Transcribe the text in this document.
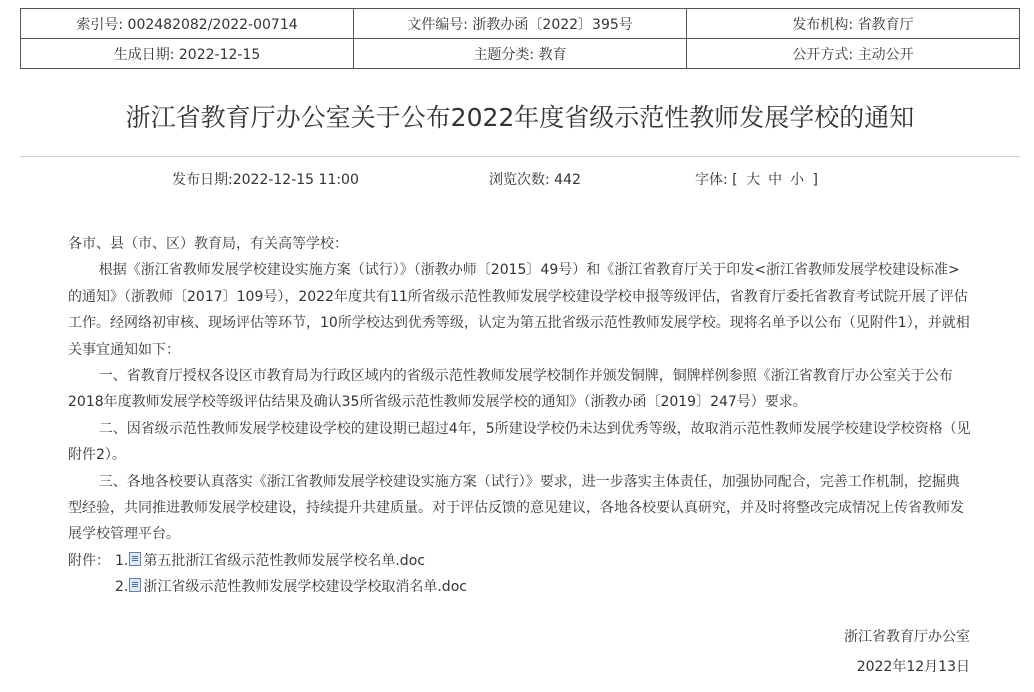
索引号: 002482082/2022-00714	文件编号: 浙教办函〔2022〕395号	发布机构: 省教育厅
生成日期: 2022-12-15	主题分类: 教育	公开方式: 主动公开
浙江省教育厅办公室关于公布2022年度省级示范性教师发展学校的通知
发布日期:2022-12-15 11:00	浏览次数: 442	字体: [ 大 中 小 ]

各市、县（市、区）教育局，有关高等学校：

根据《浙江省教师发展学校建设实施方案（试行）》（浙教办师〔2015〕49号）和《浙江省教育厅关于印发<浙江省教师发展学校建设标准>的通知》（浙教师〔2017〕109号），2022年度共有11所省级示范性教师发展学校建设学校申报等级评估，省教育厅委托省教育考试院开展了评估工作。经网络初审核、现场评估等环节，10所学校达到优秀等级，认定为第五批省级示范性教师发展学校。现将名单予以公布（见附件1），并就相关事宜通知如下：

一、省教育厅授权各设区市教育局为行政区域内的省级示范性教师发展学校制作并颁发铜牌，铜牌样例参照《浙江省教育厅办公室关于公布2018年度教师发展学校等级评估结果及确认35所省级示范性教师发展学校的通知》（浙教办函〔2019〕247号）要求。

二、因省级示范性教师发展学校建设学校的建设期已超过4年，5所建设学校仍未达到优秀等级，故取消示范性教师发展学校建设学校资格（见附件2）。

三、各地各校要认真落实《浙江省教师发展学校建设实施方案（试行）》要求，进一步落实主体责任，加强协同配合，完善工作机制，挖掘典型经验，共同推进教师发展学校建设，持续提升共建质量。对于评估反馈的意见建议，各地各校要认真研究，并及时将整改完成情况上传省教师发展学校管理平台。

附件： 1. 第五批浙江省级示范性教师发展学校名单.doc
2. 浙江省级示范性教师发展学校建设学校取消名单.doc
浙江省教育厅办公室
2022年12月13日
